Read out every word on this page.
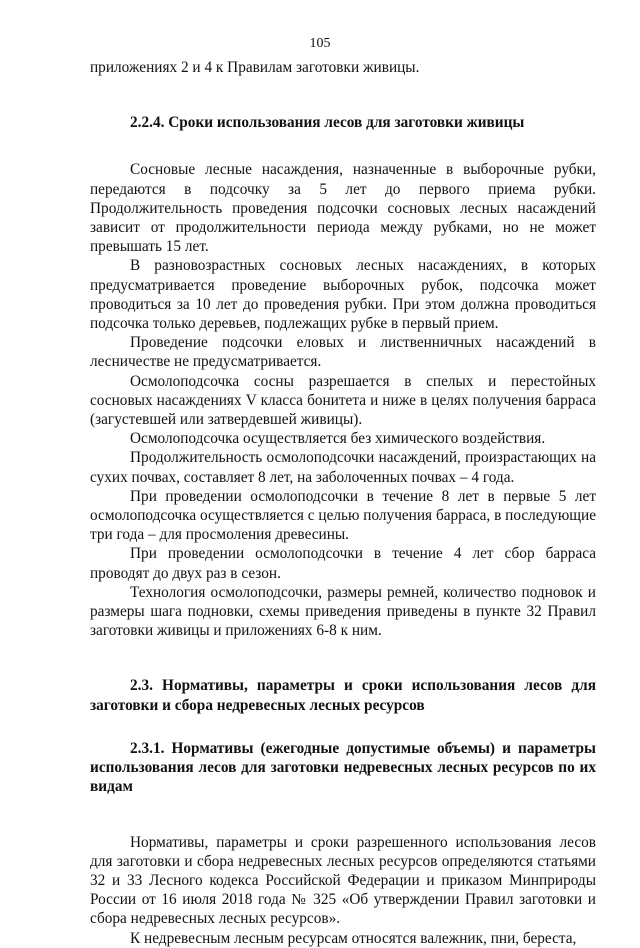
105

приложениях 2 и 4 к Правилам заготовки живицы.

2.2.4. Сроки использования лесов для заготовки живицы

Сосновые лесные насаждения, назначенные в выборочные рубки, передаются в подсочку за 5 лет до первого приема рубки. Продолжительность проведения подсочки сосновых лесных насаждений зависит от продолжительности периода между рубками, но не может превышать 15 лет.

В разновозрастных сосновых лесных насаждениях, в которых предусматривается проведение выборочных рубок, подсочка может проводиться за 10 лет до проведения рубки. При этом должна проводиться подсочка только деревьев, подлежащих рубке в первый прием.

Проведение подсочки еловых и лиственничных насаждений в лесничестве не предусматривается.

Осмолоподсочка сосны разрешается в спелых и перестойных сосновых насаждениях V класса бонитета и ниже в целях получения барраса (загустевшей или затвердевшей живицы).

Осмолоподсочка осуществляется без химического воздействия.

Продолжительность осмолоподсочки насаждений, произрастающих на сухих почвах, составляет 8 лет, на заболоченных почвах – 4 года.

При проведении осмолоподсочки в течение 8 лет в первые 5 лет осмолоподсочка осуществляется с целью получения барраса, в последующие три года – для просмоления древесины.

При проведении осмолоподсочки в течение 4 лет сбор барраса проводят до двух раз в сезон.

Технология осмолоподсочки, размеры ремней, количество подновок и размеры шага подновки, схемы приведения приведены в пункте 32 Правил заготовки живицы и приложениях 6-8 к ним.

2.3. Нормативы, параметры и сроки использования лесов для заготовки и сбора недревесных лесных ресурсов
2.3.1. Нормативы (ежегодные допустимые объемы) и параметры использования лесов для заготовки недревесных лесных ресурсов по их видам

Нормативы, параметры и сроки разрешенного использования лесов для заготовки и сбора недревесных лесных ресурсов определяются статьями 32 и 33 Лесного кодекса Российской Федерации и приказом Минприроды России от 16 июля 2018 года № 325 «Об утверждении Правил заготовки и сбора недревесных лесных ресурсов».

К недревесным лесным ресурсам относятся валежник, пни, береста,
